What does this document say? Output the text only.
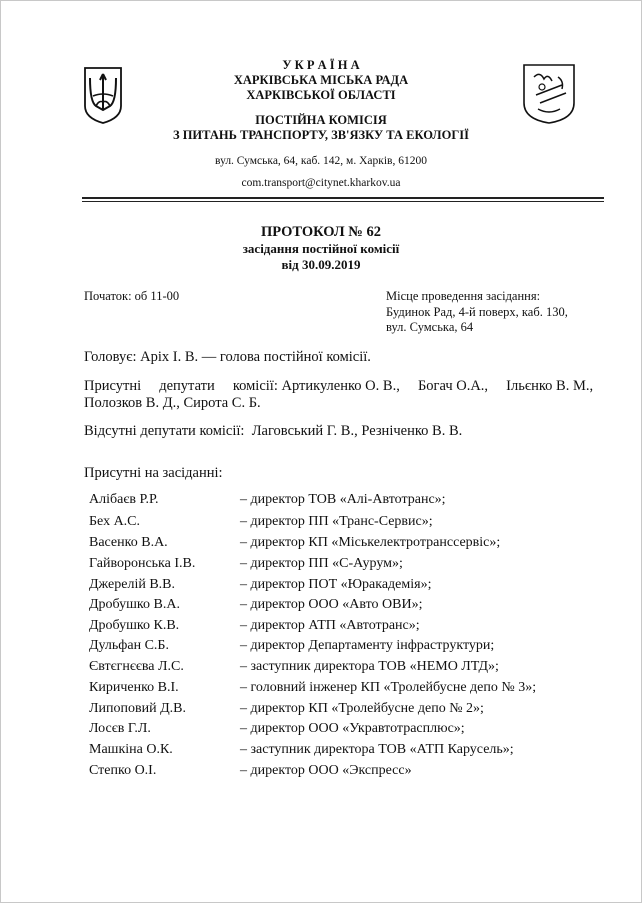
У К Р А Ї Н А
ХАРКІВСЬКА МІСЬКА РАДА
ХАРКІВСЬКОЇ ОБЛАСТІ
ПОСТІЙНА КОМІСІЯ
З ПИТАНЬ ТРАНСПОРТУ, ЗВ'ЯЗКУ ТА ЕКОЛОГІЇ
вул. Сумська, 64, каб. 142, м. Харків, 61200
com.transport@citynet.kharkov.ua
ПРОТОКОЛ № 62
засідання постійної комісії
від 30.09.2019
Початок: об 11-00	Місце проведення засідання:
Будинок Рад, 4-й поверх, каб. 130,
вул. Сумська, 64
Головує: Аріх І. В. — голова постійної комісії.
Присутні     депутати     комісії: Артикуленко О. В.,     Богач О.А.,     Ільєнко В. М.,
Полозков В. Д., Сирота С. Б.
Відсутні депутати комісії:  Лаговський Г. В., Резніченко В. В.
Присутні на засіданні:
Алібаєв Р.Р.	– директор ТОВ «Алі-Автотранс»;
Бех А.С.	– директор ПП «Транс-Сервис»;
Васенко В.А.	– директор КП «Міськелектротранссервіс»;
Гайворонська І.В.	– директор ПП «С-Аурум»;
Джерелій В.В.	– директор ПОТ «Юракадемія»;
Дробушко В.А.	– директор ООО «Авто ОВИ»;
Дробушко К.В.	– директор АТП «Автотранс»;
Дульфан С.Б.	– директор Департаменту інфраструктури;
Євтєгнєєва Л.С.	– заступник директора ТОВ «НЕМО ЛТД»;
Кириченко В.І.	– головний інженер КП «Тролейбусне депо № 3»;
Липоповий Д.В.	– директор КП «Тролейбусне депо № 2»;
Лосєв Г.Л.	– директор ООО «Укравтотрасплюс»;
Машкіна О.К.	– заступник директора ТОВ «АТП Карусель»;
Степко О.І.	– директор ООО «Экспресс»
